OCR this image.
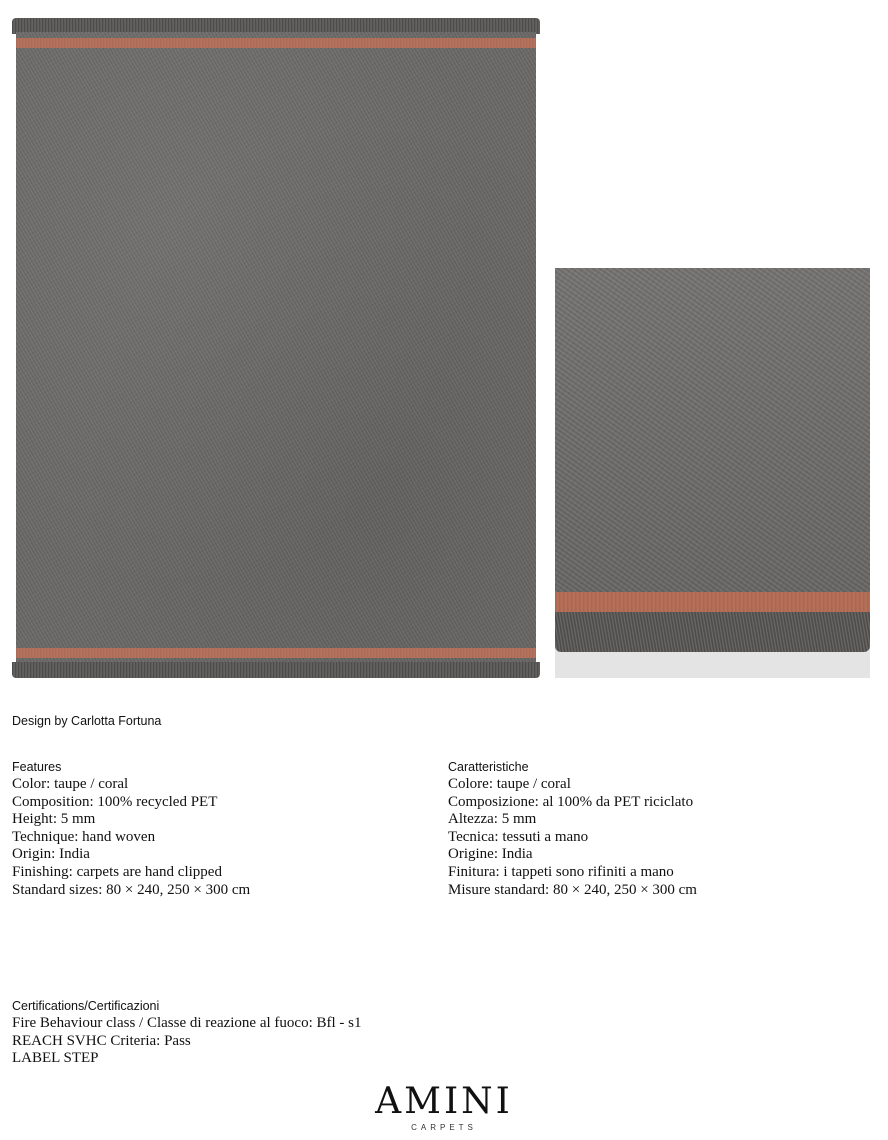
Design by Carlotta Fortuna
Features
Color: taupe / coral
Composition: 100% recycled PET
Height: 5 mm
Technique: hand woven
Origin: India
Finishing: carpets are hand clipped
Standard sizes: 80 × 240, 250 × 300 cm
Caratteristiche
Colore: taupe / coral
Composizione: al 100% da PET riciclato
Altezza: 5 mm
Tecnica: tessuti a mano
Origine: India
Finitura: i tappeti sono rifiniti a mano
Misure standard: 80 × 240, 250 × 300 cm
Certifications/Certificazioni
Fire Behaviour class / Classe di reazione al fuoco: Bfl - s1
REACH SVHC Criteria: Pass
LABEL STEP
AMINI
CARPETS
